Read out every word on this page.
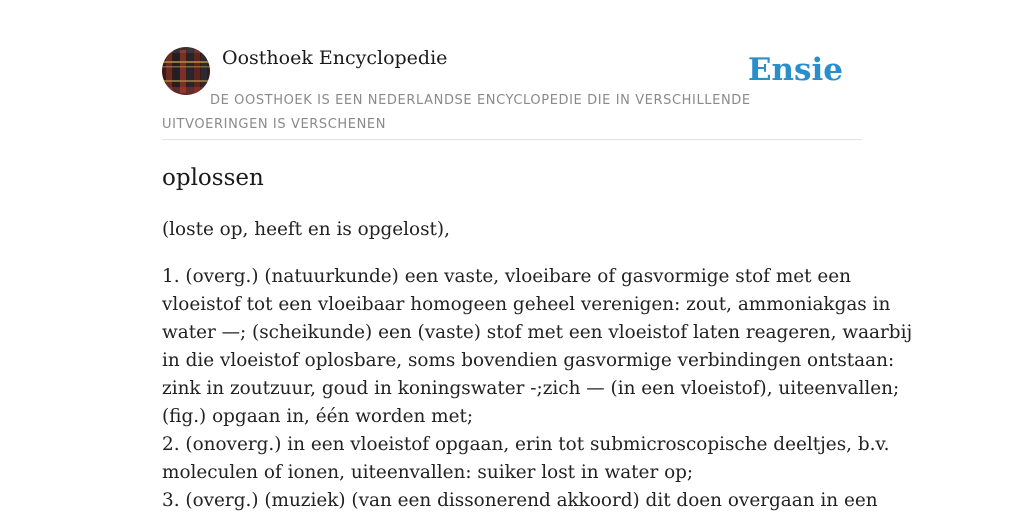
Oosthoek Encyclopedie	Ensie
DE OOSTHOEK IS EEN NEDERLANDSE ENCYCLOPEDIE DIE IN VERSCHILLENDE UITVOERINGEN IS VERSCHENEN
oplossen

(loste op, heeft en is opgelost),

1. (overg.) (natuurkunde) een vaste, vloeibare of gasvormige stof met een
vloeistof tot een vloeibaar homogeen geheel verenigen: zout, ammoniakgas in
water —; (scheikunde) een (vaste) stof met een vloeistof laten reageren, waarbij
in die vloeistof oplosbare, soms bovendien gasvormige verbindingen ontstaan:
zink in zoutzuur, goud in koningswater -;zich — (in een vloeistof), uiteenvallen;
(fig.) opgaan in, één worden met;
2. (onoverg.) in een vloeistof opgaan, erin tot submicroscopische deeltjes, b.v.
moleculen of ionen, uiteenvallen: suiker lost in water op;
3. (overg.) (muziek) (van een dissonerend akkoord) dit doen overgaan in een
